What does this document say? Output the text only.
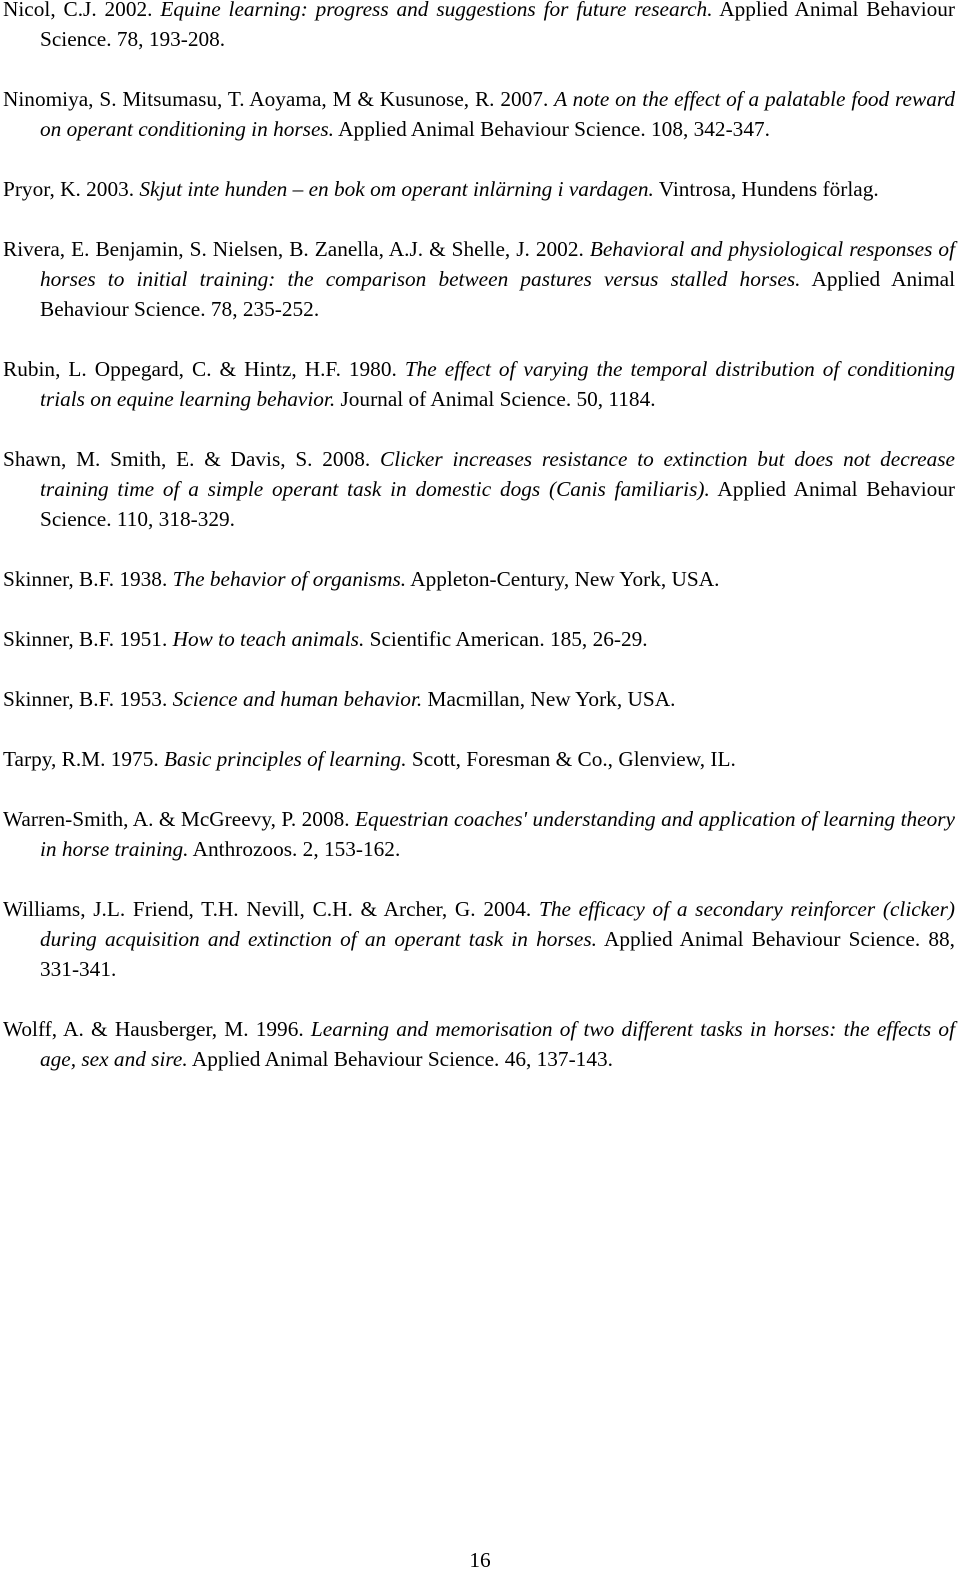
Nicol, C.J. 2002. Equine learning: progress and suggestions for future research. Applied Animal Behaviour Science. 78, 193-208.

Ninomiya, S. Mitsumasu, T. Aoyama, M & Kusunose, R. 2007. A note on the effect of a palatable food reward on operant conditioning in horses. Applied Animal Behaviour Science. 108, 342-347.

Pryor, K. 2003. Skjut inte hunden – en bok om operant inlärning i vardagen. Vintrosa, Hundens förlag.

Rivera, E. Benjamin, S. Nielsen, B. Zanella, A.J. & Shelle, J. 2002. Behavioral and physiological responses of horses to initial training: the comparison between pastures versus stalled horses. Applied Animal Behaviour Science. 78, 235-252.

Rubin, L. Oppegard, C. & Hintz, H.F. 1980. The effect of varying the temporal distribution of conditioning trials on equine learning behavior. Journal of Animal Science. 50, 1184.

Shawn, M. Smith, E. & Davis, S. 2008. Clicker increases resistance to extinction but does not decrease training time of a simple operant task in domestic dogs (Canis familiaris). Applied Animal Behaviour Science. 110, 318-329.

Skinner, B.F. 1938. The behavior of organisms. Appleton-Century, New York, USA.

Skinner, B.F. 1951. How to teach animals. Scientific American. 185, 26-29.

Skinner, B.F. 1953. Science and human behavior. Macmillan, New York, USA.

Tarpy, R.M. 1975. Basic principles of learning. Scott, Foresman & Co., Glenview, IL.

Warren-Smith, A. & McGreevy, P. 2008. Equestrian coaches' understanding and application of learning theory in horse training. Anthrozoos. 2, 153-162.

Williams, J.L. Friend, T.H. Nevill, C.H. & Archer, G. 2004. The efficacy of a secondary reinforcer (clicker) during acquisition and extinction of an operant task in horses. Applied Animal Behaviour Science. 88, 331-341.

Wolff, A. & Hausberger, M. 1996. Learning and memorisation of two different tasks in horses: the effects of age, sex and sire. Applied Animal Behaviour Science. 46, 137-143.

16
